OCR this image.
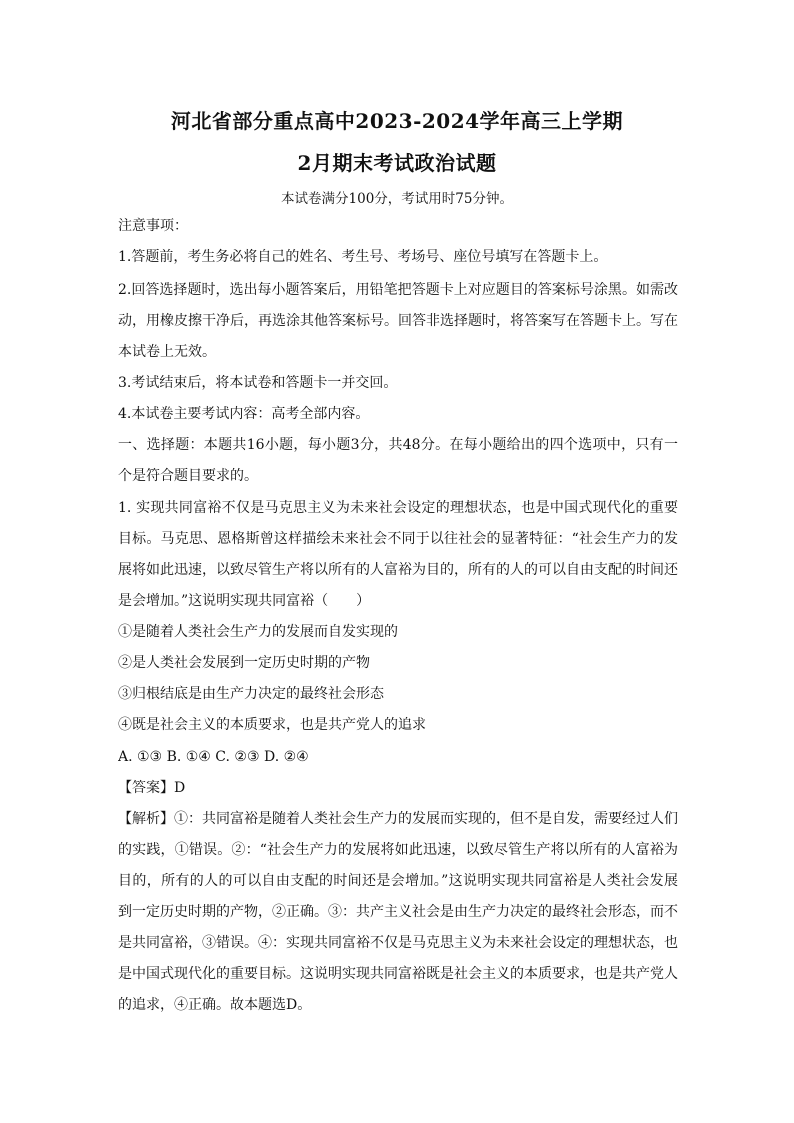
河北省部分重点高中2023-2024学年高三上学期
2月期末考试政治试题
本试卷满分100分，考试用时75分钟。
注意事项：
1.答题前，考生务必将自己的姓名、考生号、考场号、座位号填写在答题卡上。
2.回答选择题时，选出每小题答案后，用铅笔把答题卡上对应题目的答案标号涂黑。如需改
动，用橡皮擦干净后，再选涂其他答案标号。回答非选择题时，将答案写在答题卡上。写在
本试卷上无效。
3.考试结束后，将本试卷和答题卡一并交回。
4.本试卷主要考试内容：高考全部内容。
一、选择题：本题共16小题，每小题3分，共48分。在每小题给出的四个选项中，只有一
个是符合题目要求的。
1. 实现共同富裕不仅是马克思主义为未来社会设定的理想状态，也是中国式现代化的重要
目标。马克思、恩格斯曾这样描绘未来社会不同于以往社会的显著特征：“社会生产力的发
展将如此迅速，以致尽管生产将以所有的人富裕为目的，所有的人的可以自由支配的时间还
是会增加。”这说明实现共同富裕（　　）
①是随着人类社会生产力的发展而自发实现的
②是人类社会发展到一定历史时期的产物
③归根结底是由生产力决定的最终社会形态
④既是社会主义的本质要求，也是共产党人的追求
A. ①③ B. ①④ C. ②③ D. ②④
【答案】D
【解析】①：共同富裕是随着人类社会生产力的发展而实现的，但不是自发，需要经过人们
的实践，①错误。②：“社会生产力的发展将如此迅速，以致尽管生产将以所有的人富裕为
目的，所有的人的可以自由支配的时间还是会增加。”这说明实现共同富裕是人类社会发展
到一定历史时期的产物，②正确。③：共产主义社会是由生产力决定的最终社会形态，而不
是共同富裕，③错误。④：实现共同富裕不仅是马克思主义为未来社会设定的理想状态，也
是中国式现代化的重要目标。这说明实现共同富裕既是社会主义的本质要求，也是共产党人
的追求，④正确。故本题选D。
